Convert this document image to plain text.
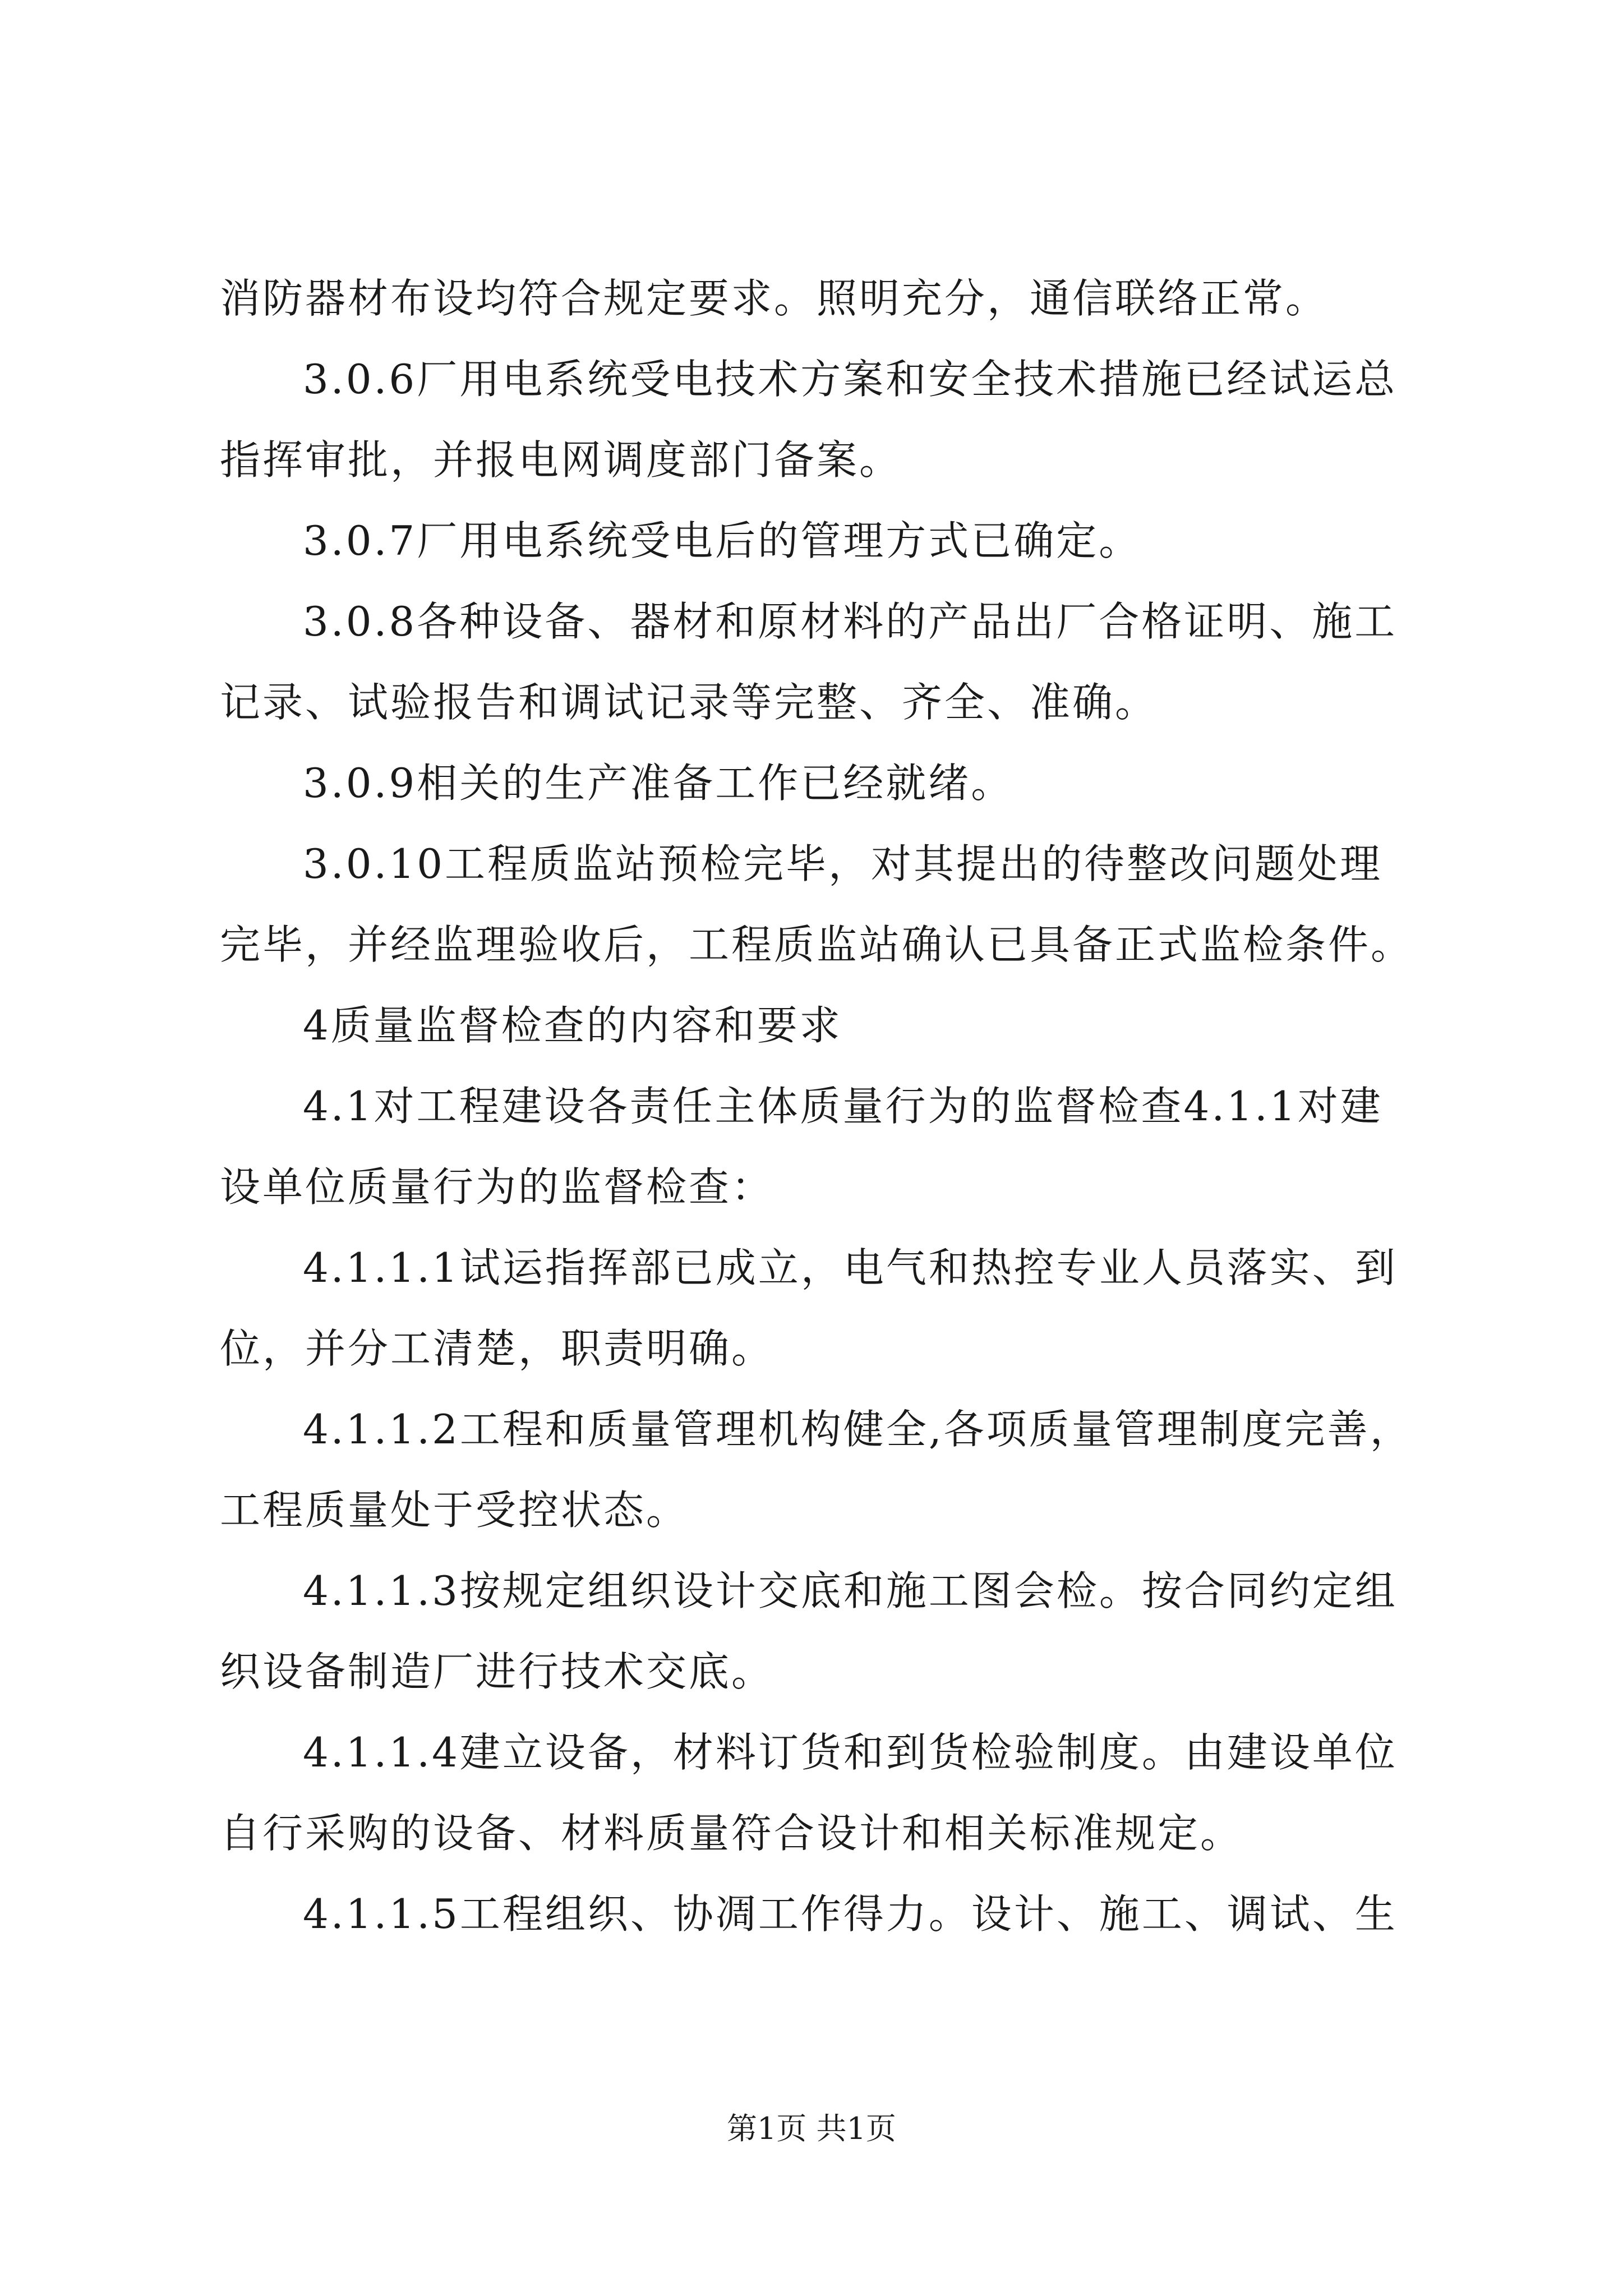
消防器材布设均符合规定要求。照明充分，通信联络正常。
3.0.6厂用电系统受电技术方案和安全技术措施已经试运总
指挥审批，并报电网调度部门备案。
3.0.7厂用电系统受电后的管理方式已确定。
3.0.8各种设备、器材和原材料的产品出厂合格证明、施工
记录、试验报告和调试记录等完整、齐全、准确。
3.0.9相关的生产准备工作已经就绪。
3.0.10工程质监站预检完毕，对其提出的待整改问题处理
完毕，并经监理验收后，工程质监站确认已具备正式监检条件。
4质量监督检查的内容和要求
4.1对工程建设各责任主体质量行为的监督检查4.1.1对建
设单位质量行为的监督检查：
4.1.1.1试运指挥部已成立，电气和热控专业人员落实、到
位，并分工清楚，职责明确。
4.1.1.2工程和质量管理机构健全,各项质量管理制度完善，
工程质量处于受控状态。
4.1.1.3按规定组织设计交底和施工图会检。按合同约定组
织设备制造厂进行技术交底。
4.1.1.4建立设备，材料订货和到货检验制度。由建设单位
自行采购的设备、材料质量符合设计和相关标准规定。
4.1.1.5工程组织、协凋工作得力。设计、施工、调试、生
第1页 共1页
